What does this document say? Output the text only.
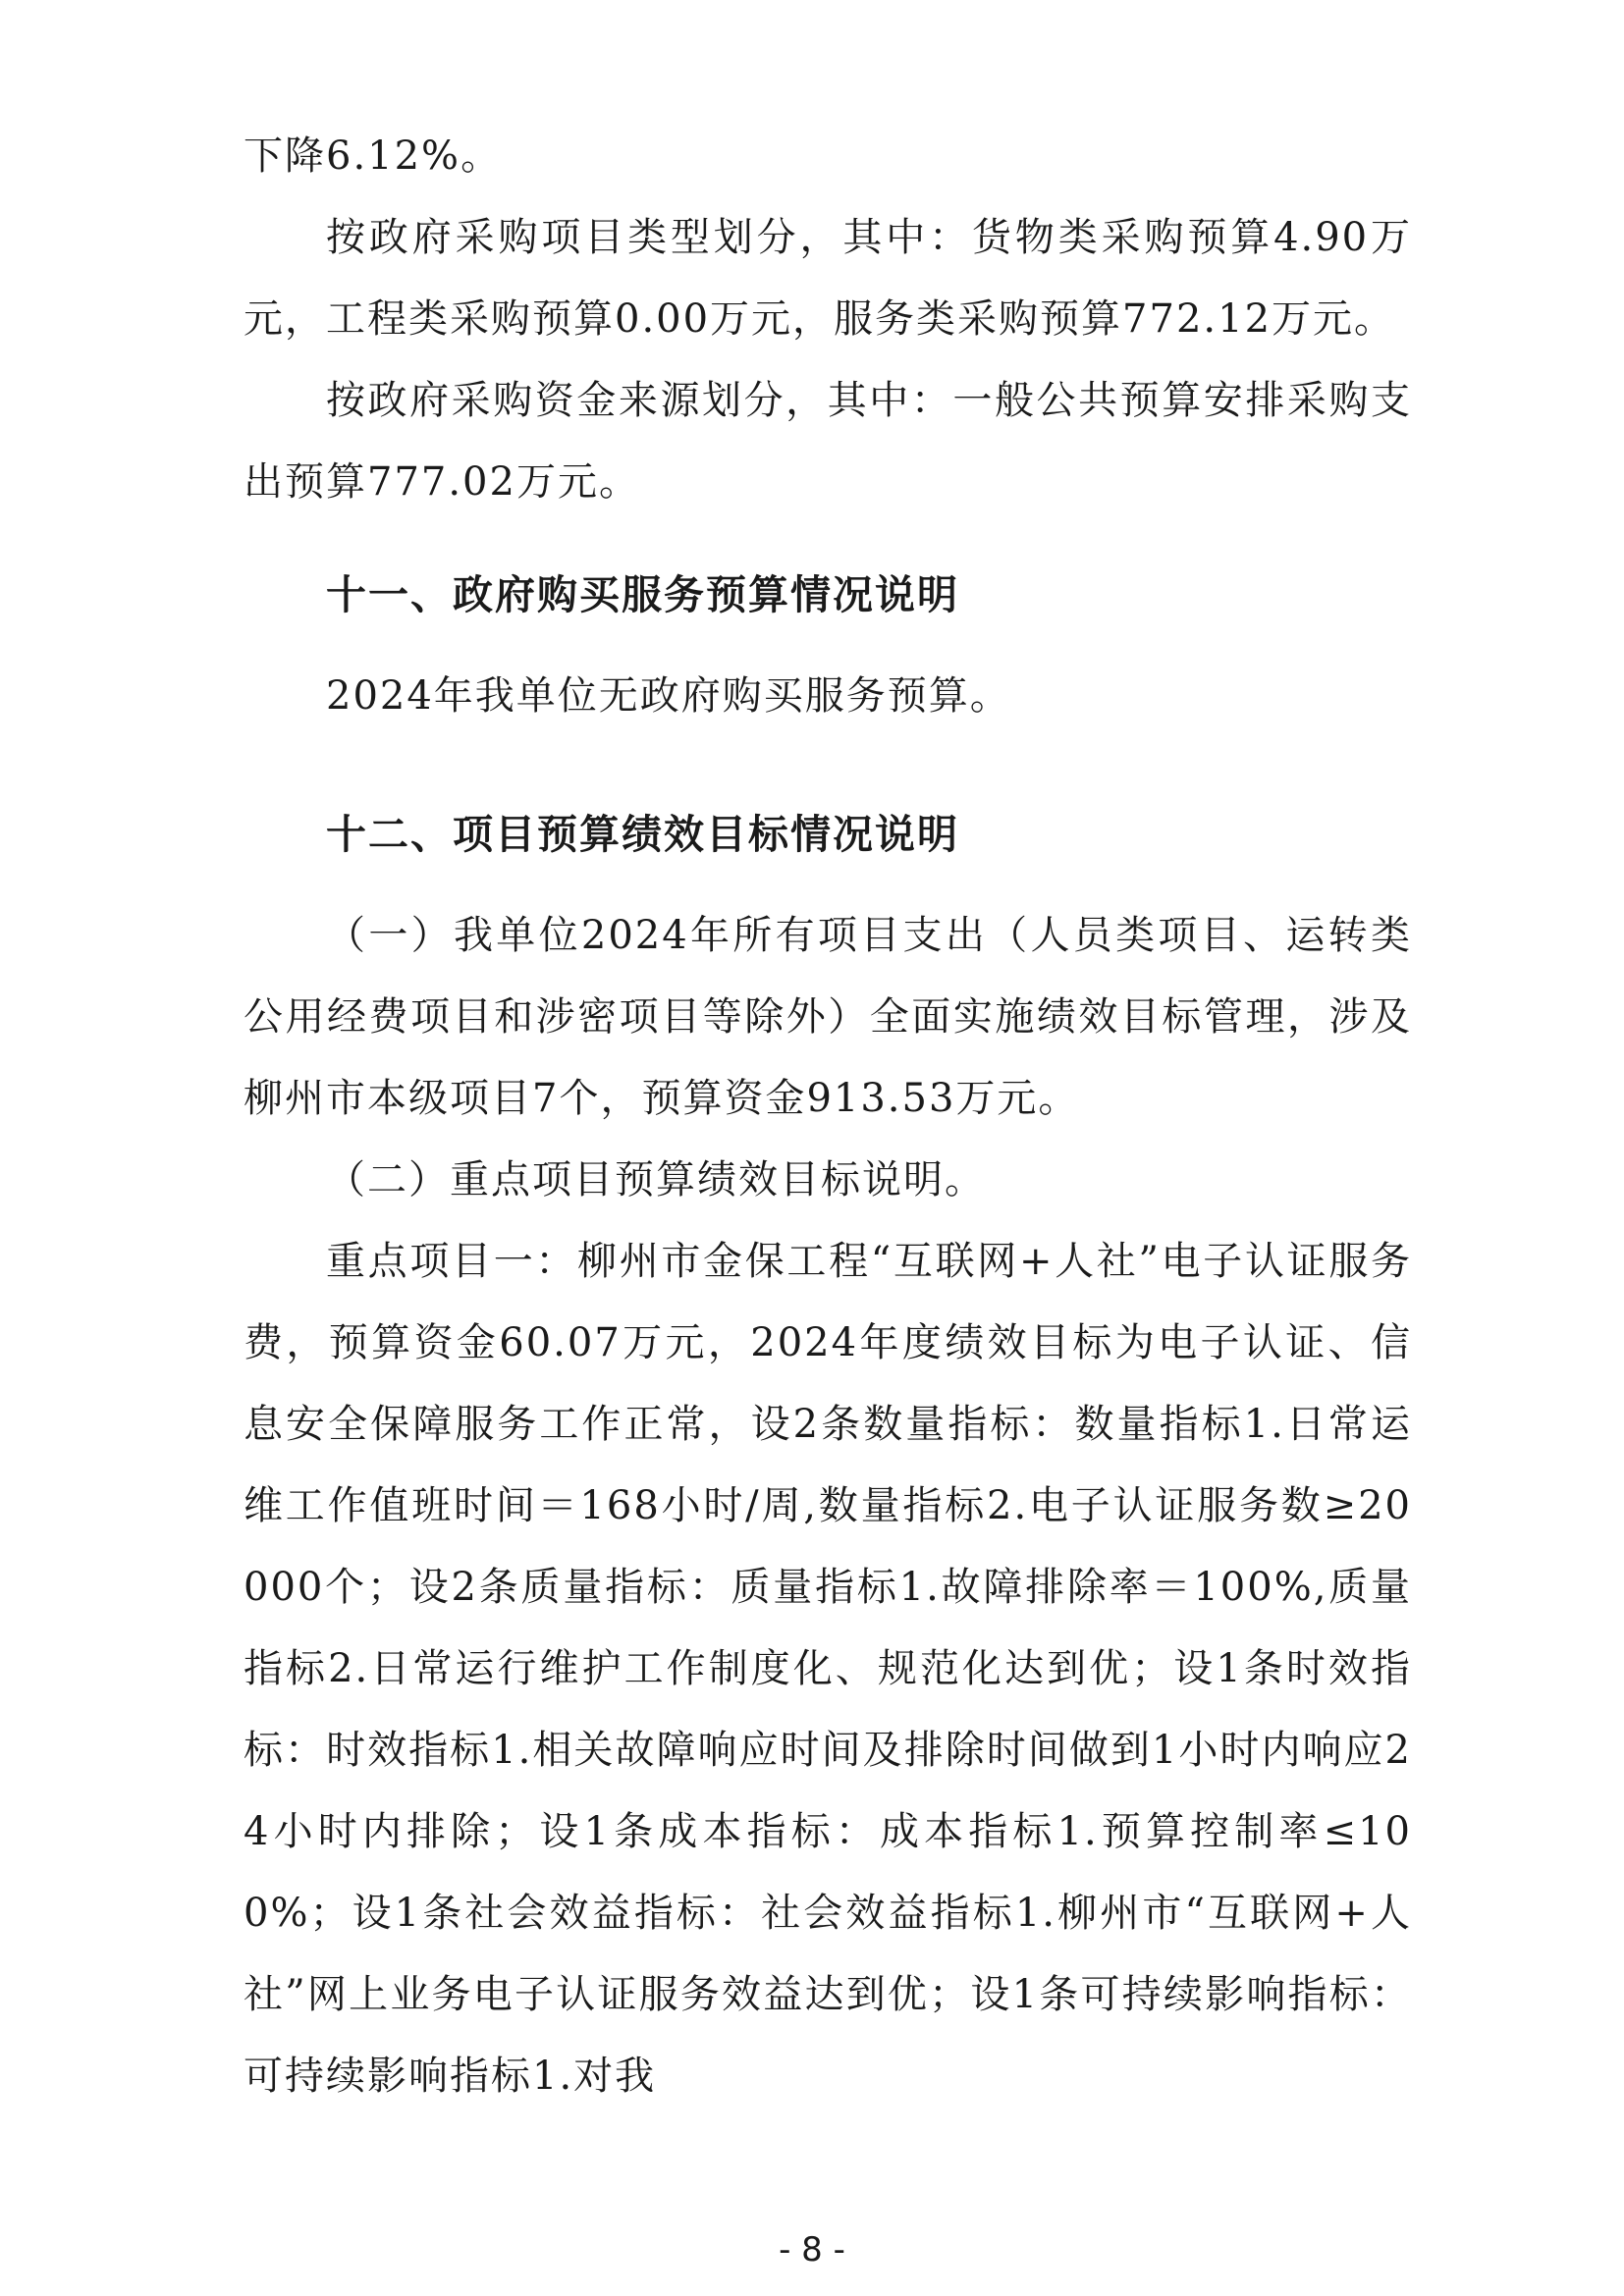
下降6.12%。

按政府采购项目类型划分，其中：货物类采购预算4.90万元，工程类采购预算0.00万元，服务类采购预算772.12万元。

按政府采购资金来源划分，其中：一般公共预算安排采购支出预算777.02万元。

十一、政府购买服务预算情况说明

2024年我单位无政府购买服务预算。

十二、项目预算绩效目标情况说明

（一）我单位2024年所有项目支出（人员类项目、运转类公用经费项目和涉密项目等除外）全面实施绩效目标管理，涉及柳州市本级项目7个，预算资金913.53万元。

（二）重点项目预算绩效目标说明。

重点项目一：柳州市金保工程“互联网+人社”电子认证服务费，预算资金60.07万元，2024年度绩效目标为电子认证、信息安全保障服务工作正常，设2条数量指标：数量指标1.日常运维工作值班时间＝168小时/周,数量指标2.电子认证服务数≥20000个；设2条质量指标：质量指标1.故障排除率＝100%,质量指标2.日常运行维护工作制度化、规范化达到优；设1条时效指标：时效指标1.相关故障响应时间及排除时间做到1小时内响应24小时内排除；设1条成本指标：成本指标1.预算控制率≤100%；设1条社会效益指标：社会效益指标1.柳州市“互联网+人社”网上业务电子认证服务效益达到优；设1条可持续影响指标：可持续影响指标1.对我

- 8 -
